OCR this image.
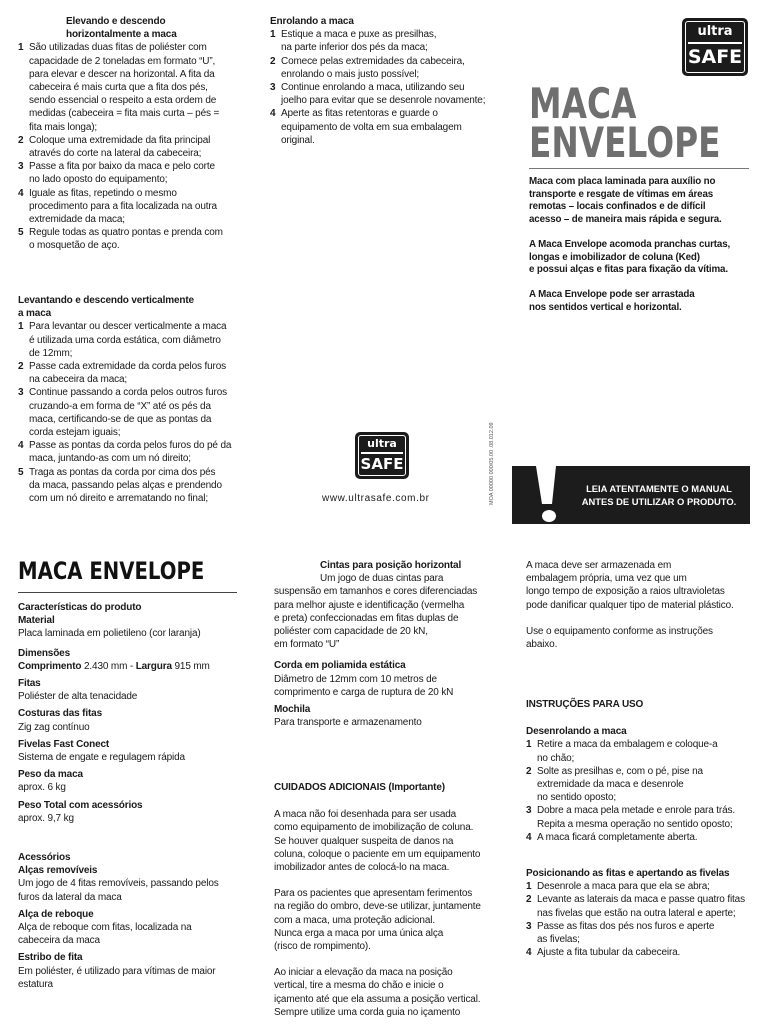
Elevando e descendo
horizontalmente a maca
1 São utilizadas duas fitas de poliéster com
capacidade de 2 toneladas em formato “U”,
para elevar e descer na horizontal. A fita da
cabeceira é mais curta que a fita dos pés,
sendo essencial o respeito a esta ordem de
medidas (cabeceira = fita mais curta – pés =
fita mais longa);
2 Coloque uma extremidade da fita principal
através do corte na lateral da cabeceira;
3 Passe a fita por baixo da maca e pelo corte
no lado oposto do equipamento;
4 Iguale as fitas, repetindo o mesmo
procedimento para a fita localizada na outra
extremidade da maca;
5 Regule todas as quatro pontas e prenda com
o mosquetão de aço.
Levantando e descendo verticalmente
a maca
1 Para levantar ou descer verticalmente a maca
é utilizada uma corda estática, com diâmetro
de 12mm;
2 Passe cada extremidade da corda pelos furos
na cabeceira da maca;
3 Continue passando a corda pelos outros furos
cruzando-a em forma de “X” até os pés da
maca, certificando-se de que as pontas da
corda estejam iguais;
4 Passe as pontas da corda pelos furos do pé da
maca, juntando-as com um nó direito;
5 Traga as pontas da corda por cima dos pés
da maca, passando pelas alças e prendendo
com um nó direito e arrematando no final;
Enrolando a maca
1 Estique a maca e puxe as presilhas,
na parte inferior dos pés da maca;
2 Comece pelas extremidades da cabeceira,
enrolando o mais justo possível;
3 Continue enrolando a maca, utilizando seu
joelho para evitar que se desenrole novamente;
4 Aperte as fitas retentoras e guarde o
equipamento de volta em sua embalagem
original.
ultra
SAFE
www.ultrasafe.com.br	MOA 00000 000/05.00 .08.012.09
ultra
SAFE
MACA
ENVELOPE
Maca com placa laminada para auxílio no
transporte e resgate de vítimas em áreas
remotas – locais confinados e de difícil
acesso – de maneira mais rápida e segura.
A Maca Envelope acomoda pranchas curtas,
longas e imobilizador de coluna (Ked)
e possui alças e fitas para fixação da vítima.
A Maca Envelope pode ser arrastada
nos sentidos vertical e horizontal.
LEIA ATENTAMENTE O MANUAL
ANTES DE UTILIZAR O PRODUTO.
MACA ENVELOPE
Características do produto
Material
Placa laminada em polietileno (cor laranja)
Dimensões
Comprimento 2.430 mm - Largura 915 mm
Fitas
Poliéster de alta tenacidade
Costuras das fitas
Zig zag contínuo
Fivelas Fast Conect
Sistema de engate e regulagem rápida
Peso da maca
aprox. 6 kg
Peso Total com acessórios
aprox. 9,7 kg
Acessórios
Alças removíveis
Um jogo de 4 fitas removíveis, passando pelos
furos da lateral da maca
Alça de reboque
Alça de reboque com fitas, localizada na
cabeceira da maca
Estribo de fita
Em poliéster, é utilizado para vítimas de maior
estatura
Cintas para posição horizontal
Um jogo de duas cintas para
suspensão em tamanhos e cores diferenciadas
para melhor ajuste e identificação (vermelha
e preta) confeccionadas em fitas duplas de
poliéster com capacidade de 20 kN,
em formato “U”
Corda em poliamida estática
Diâmetro de 12mm com 10 metros de
comprimento e carga de ruptura de 20 kN
Mochila
Para transporte e armazenamento
CUIDADOS ADICIONAIS (Importante)
A maca não foi desenhada para ser usada
como equipamento de imobilização de coluna.
Se houver qualquer suspeita de danos na
coluna, coloque o paciente em um equipamento
imobilizador antes de colocá-lo na maca.
Para os pacientes que apresentam ferimentos
na região do ombro, deve-se utilizar, juntamente
com a maca, uma proteção adicional.
Nunca erga a maca por uma única alça
(risco de rompimento).
Ao iniciar a elevação da maca na posição
vertical, tire a mesma do chão e inicie o
içamento até que ela assuma a posição vertical.
Sempre utilize uma corda guia no içamento
A maca deve ser armazenada em
embalagem própria, uma vez que um
longo tempo de exposição a raios ultravioletas
pode danificar qualquer tipo de material plástico.
Use o equipamento conforme as instruções
abaixo.
INSTRUÇÕES PARA USO
Desenrolando a maca
1 Retire a maca da embalagem e coloque-a
no chão;
2 Solte as presilhas e, com o pé, pise na
extremidade da maca e desenrole
no sentido oposto;
3 Dobre a maca pela metade e enrole para trás.
Repita a mesma operação no sentido oposto;
4 A maca ficará completamente aberta.
Posicionando as fitas e apertando as fivelas
1 Desenrole a maca para que ela se abra;
2 Levante as laterais da maca e passe quatro fitas
nas fivelas que estão na outra lateral e aperte;
3 Passe as fitas dos pés nos furos e aperte
as fivelas;
4 Ajuste a fita tubular da cabeceira.
